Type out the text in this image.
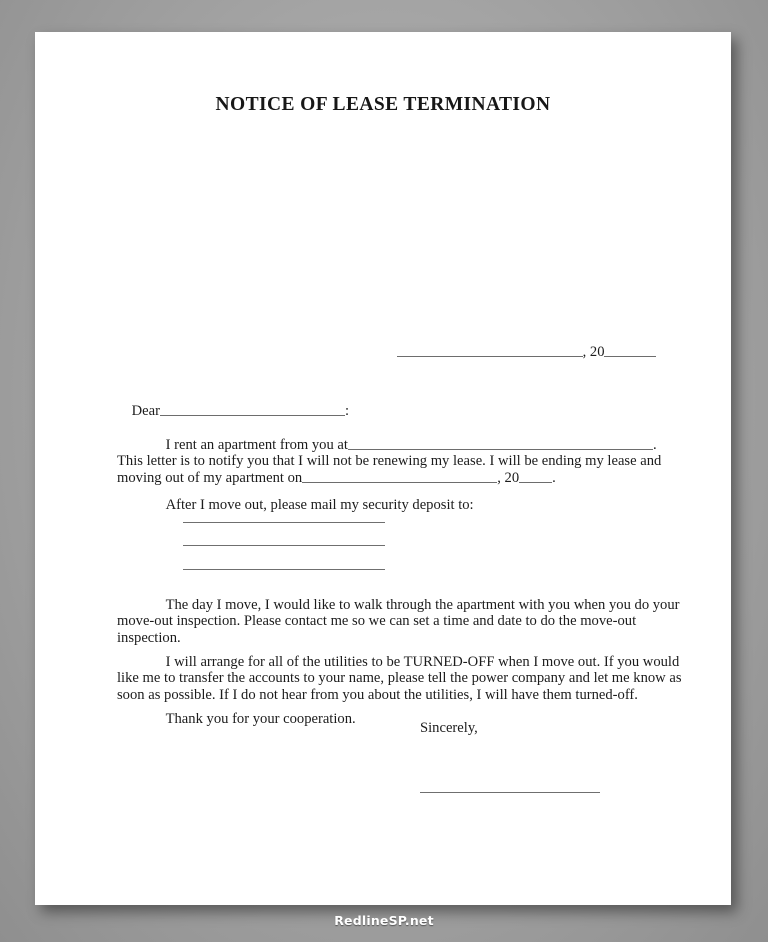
NOTICE OF LEASE TERMINATION

, 20

Dear	:

I rent an apartment from you at	.
This letter is to notify you that I will not be renewing my lease. I will be ending my lease and
moving out of my apartment on	, 20 .

After I move out, please mail my security deposit to:

The day I move, I would like to walk through the apartment with you when you do your move-out inspection. Please contact me so we can set a time and date to do the move-out inspection.

I will arrange for all of the utilities to be TURNED-OFF when I move out. If you would like me to transfer the accounts to your name, please tell the power company and let me know as soon as possible. If I do not hear from you about the utilities, I will have them turned-off.

Thank you for your cooperation.

Sincerely,
RedlineSP.net
